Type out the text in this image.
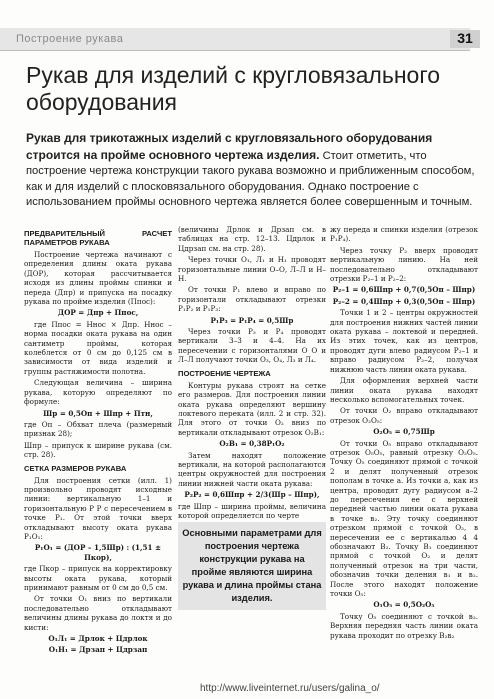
Построение рукава	31
Рукав для изделий с кругловязального оборудования
Рукав для трикотажных изделий с кругловязального оборудования строится на пройме основного чертежа изделия. Стоит отметить, что построение чертежа конструкции такого рукава возможно и приближенным способом, как и для изделий с плосковязального оборудования. Однако построение с использованием проймы основного чертежа является более совершенным и точным.
ПРЕДВАРИТЕЛЬНЫЙ РАСЧЕТ ПАРАМЕТРОВ РУКАВА

Построение чертежа начинают с определения длины оката рукава (ДОР), которая рассчитывается исходя из длины проймы спинки и переда (Дпр) и припуска на посадку рукава по пройме изделия (Ппос):

ДОР = Дпр + Ппос,

где Ппос = Ннос × Дпр. Ннос – норма посадки оката рукава на один сантиметр проймы, которая колеблется от 0 см до 0,125 см в зависимости от вида изделий и группы растяжимости полотна.

Следующая величина – ширина рукава, которую определяют по формуле:

Шр = 0,5Оп + Шпр + Птн,

где Оп – Обхват плеча (размерный признак 28);

Шпр – припуск к ширине рукава (см. стр. 28).

СЕТКА РАЗМЕРОВ РУКАВА

Для построения сетки (илл. 1) произвольно проводят исходные линии: вертикальную 1–1 и горизонтальную Р Р с пересечением в точке Р₁. От этой точки вверх откладывают высоту оката рукава Р₁О₁:

Р₁О₁ = (ДОР – 1,5Шр) : (1,51 ± Пкор),

где Пкор – припуск на корректировку высоты оката рукава, который принимают равным от 0 см до 0,5 см.

От точки О₁ вниз по вертикали последовательно откладывают величины длины рукава до локтя и до кисти:

О₁Л₁ = Дрлок + Цдрлок

О₁Н₁ = Дрзап + Цдрзап

(величины Дрлок и Дрзап см. в таблицах на стр. 12–13. Цдрлок и Цдрзап см. на стр. 28).

Через точки О₁, Л₁ и Н₁ проводят горизонтальные линии О–О, Л–Л и Н–Н.

От точки Р₁ влево и вправо по горизонтали откладывают отрезки Р₁Р₂ и Р₁Р₃:

Р₁Р₃ = Р₁Р₄ = 0,5Шр

Через точки Р₃ и Р₄ проводят вертикали 3–3 и 4–4. На их пересечении с горизонталями О О и Л–Л получают точки О₃, О₄, Л₃ и Л₄.

ПОСТРОЕНИЕ ЧЕРТЕЖА

Контуры рукава строят на сетке его размеров. Для построения линии оката рукава определяют вершину локтевого переката (илл. 2 и стр. 32). Для этого от точки О₂ вниз по вертикали откладывают отрезок О₂В₁:

О₂В₁ = 0,38Р₁О₂

Затем находят положение вертикали, на которой располагаются центры окружностей для построения линии нижней части оката рукава:

Р₂Р₂ = 0,6Шпр + 2/3(Шр – Шпр),

где Шпр – ширина проймы, величина которой определяется по черте

Основными параметрами для построения чертежа конструкции рукава на пройме являются ширина рукава и длина проймы стана изделия.

жу переда и спинки изделия (отрезок Р₁Р₄).

Через точку Р₂ вверх проводят вертикальную линию. На ней последовательно откладывают отрезки Р₂–1 и Р₂–2:

Р₂–1 = 0,6Шпр + 0,7(0,5Оп – Шпр)

Р₂–2 = 0,4Шпр + 0,3(0,5Оп – Шпр)

Точки 1 и 2 – центры окружностей для построения нижних частей линии оката рукава – локтевой и передней. Из этих точек, как из центров, проводят дуги влево радиусом Р₂–1 и вправо радиусом Р₂–2, получая нижнюю часть линии оката рукава.

Для оформления верхней части линии оката рукава находят несколько вспомогательных точек.

От точки О₂ вправо откладывают отрезок О₂О₅:

О₂О₅ = 0,75Шр

От точки О₅ вправо откладывают отрезок О₅О₅, равный отрезку О₂О₅. Точку О₅ соединяют прямой с точкой 2 и делят полученный отрезок пополам в точке а. Из точки а, как из центра, проводят дугу радиусом а–2 до пересечения ее с верхней передней частью линии оката рукава в точке в₂. Эту точку соединяют отрезком прямой с точкой О₂, в пересечении ее с вертикалью 4 4 обозначают В₂. Точку В₁ соединяют прямой с точкой О₂ и делят полученный отрезок на три части, обозначив точки деления в₁ и в₂. После этого находят положение точки О₅:

О₁О₅ = 0,5О₂О₅

Точку О₅ соединяют с точкой в₂. Верхняя передняя часть линии оката рукава проходит по отрезку В₂в₂

http://www.liveinternet.ru/users/galina_o/
